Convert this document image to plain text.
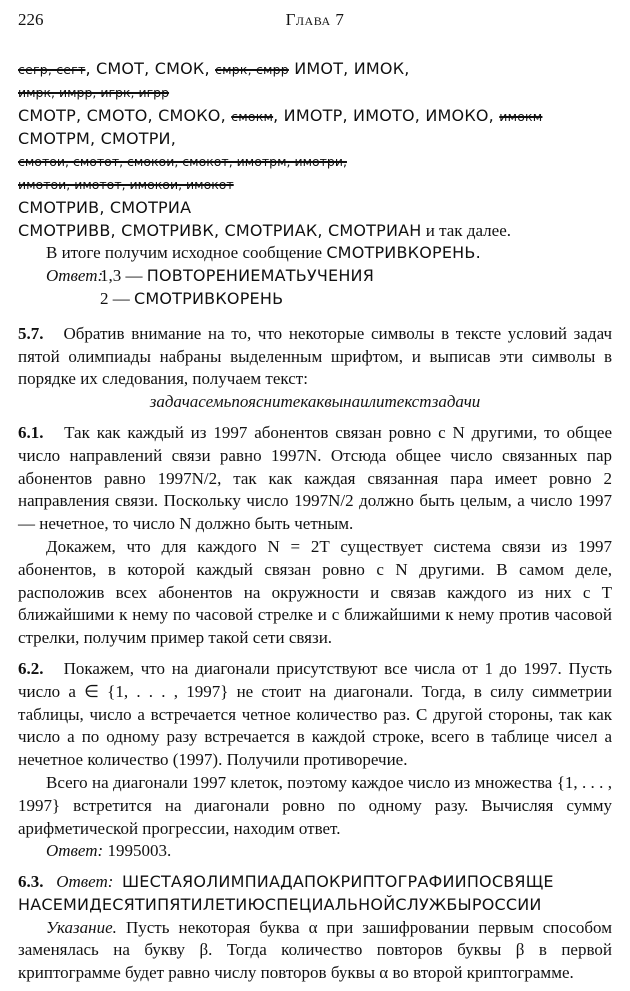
226	Глава 7
сегр, сегт, СМОТ, СМОК, смрк, смрр ИМОТ, ИМОК,
имрк, имрр, игрк, игрр
СМОТР, СМОТО, СМОКО, смокм, ИМОТР, ИМОТО, ИМОКО, имокм
СМОТРМ, СМОТРИ,
смотои, смотот, смокои, смокот, имотрм, имотри,
имотои, имотот, имокои, имокот
СМОТРИВ, СМОТРИА
СМОТРИВВ, СМОТРИВК, СМОТРИАК, СМОТРИАН и так далее.

В итоге получим исходное сообщение СМОТРИВКОРЕНЬ.

Ответ:1,3 — ПОВТОРЕНИЕМАТЬУЧЕНИЯ
2 — СМОТРИВКОРЕНЬ

5.7. Обратив внимание на то, что некоторые символы в тексте условий задач пятой олимпиады набраны выделенным шрифтом, и выписав эти символы в порядке их следования, получаем текст:

задачасемьпояснитекаквынаилитекстзадачи

6.1. Так как каждый из 1997 абонентов связан ровно с N другими, то общее число направлений связи равно 1997N. Отсюда общее число связанных пар абонентов равно 1997N/2, так как каждая связанная пара имеет ровно 2 направления связи. Поскольку число 1997N/2 должно быть целым, а число 1997 — нечетное, то число N должно быть четным.

Докажем, что для каждого N = 2T существует система связи из 1997 абонентов, в которой каждый связан ровно с N другими. В самом деле, расположив всех абонентов на окружности и связав каждого из них с T ближайшими к нему по часовой стрелке и с ближайшими к нему против часовой стрелки, получим пример такой сети связи.

6.2. Покажем, что на диагонали присутствуют все числа от 1 до 1997. Пусть число a ∈ {1, . . . , 1997} не стоит на диагонали. Тогда, в силу симметрии таблицы, число a встречается четное количество раз. С другой стороны, так как число a по одному разу встречается в каждой строке, всего в таблице чисел a нечетное количество (1997). Получили противоречие.

Всего на диагонали 1997 клеток, поэтому каждое число из множества {1, . . . , 1997} встретится на диагонали ровно по одному разу. Вычисляя сумму арифметической прогрессии, находим ответ.

Ответ: 1995003.

6.3. Ответ: ШЕСТАЯОЛИМПИАДАПОКРИПТОГРАФИИПОСВЯЩЕ
НАСЕМИДЕСЯТИПЯТИЛЕТИЮСПЕЦИАЛЬНОЙСЛУЖБЫРОССИИ

Указание. Пусть некоторая буква α при зашифровании первым способом заменялась на букву β. Тогда количество повторов буквы β в первой криптограмме будет равно числу повторов буквы α во второй криптограмме.
